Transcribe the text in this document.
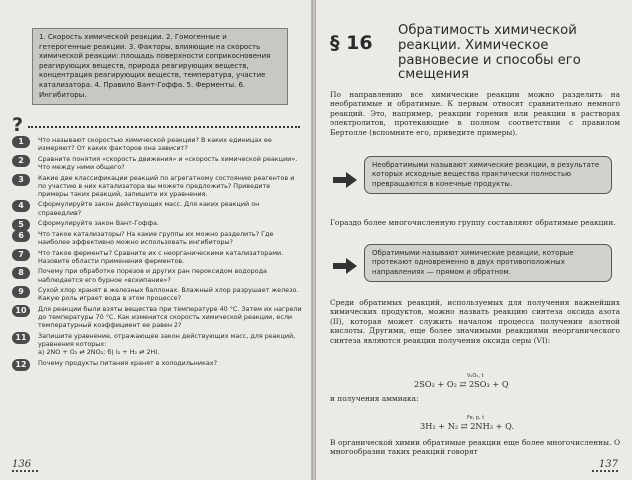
1. Скорость химической реакции. 2. Гомогенные и гетерогенные реакции. 3. Факторы, влияющие на скорость химической реакции: площадь поверхности соприкосновения реагирующих веществ, природа реагирующих веществ, концентрация реагирующих веществ, температура, участие катализатора. 4. Правило Вант-Гоффа. 5. Ферменты. 6. Ингибиторы.
?
1	Что называют скоростью химической реакции? В каких единицах ее измеряют? От каких факторов она зависит?
2	Сравните понятия «скорость движения» и «скорость химической реакции». Что между ними общего?
3	Какие две классификации реакций по агрегатному состоянию реагентов и по участию в них катализатора вы можете предложить? Приведите примеры таких реакций, запишите их уравнения.
4	Сформулируйте закон действующих масс. Для каких реакций он справедлив?
5	Сформулируйте закон Вант-Гоффа.
6	Что такое катализаторы? На какие группы их можно разделить? Где наиболее эффективно можно использовать ингибиторы?
7	Что такое ферменты? Сравните их с неорганическими катализаторами. Назовите области применения ферментов.
8	Почему при обработке порезов и других ран пероксидом водорода наблюдается его бурное «вскипание»?
9	Сухой хлор хранят в железных баллонах. Влажный хлор разрушает железо. Какую роль играет вода в этом процессе?
10	Для реакции были взяты вещества при температуре 40 °С. Затем их нагрели до температуры 70 °С. Как изменится скорость химической реакции, если температурный коэффициент ее равен 2?
11	Запишите уравнение, отражающее закон действующих масс, для реакций, уравнения которых:
а) 2NO + O₂ ⇄ 2NO₂; б) I₂ + H₂ ⇄ 2HI.
12	Почему продукты питания хранят в холодильниках?
136
§ 16
Обратимость химической реакции. Химическое равновесие и способы его смещения
По направлению все химические реакции можно разделить на необратимые и обратимые. К первым относят сравнительно немного реакций. Это, например, реакции горения или реакции в растворах электролитов, протекающие в полном соответствии с правилом Бертолле (вспомните его, приведите примеры).
Необратимыми называют химические реакции, в результате которых исходные вещества практически полностью превращаются в конечные продукты.
Гораздо более многочисленную группу составляют обратимые реакции.
Обратимыми называют химические реакции, которые протекают одновременно в двух противоположных направлениях — прямом и обратном.
Среди обратимых реакций, используемых для получения важнейших химических продуктов, можно назвать реакцию синтеза оксида азота (II), которая может служить началом процесса получения азотной кислоты. Другими, еще более значимыми реакциями неорганического синтеза являются реакции получения оксида серы (VI):
V₂O₅, t
2SO₂ + O₂ ⇄ 2SO₃ + Q
и получения аммиака:
Fe, p, t
3H₂ + N₂ ⇄ 2NH₃ + Q.
В органической химии обратимые реакции еще более многочисленны. О многообразии таких реакций говорят
137
